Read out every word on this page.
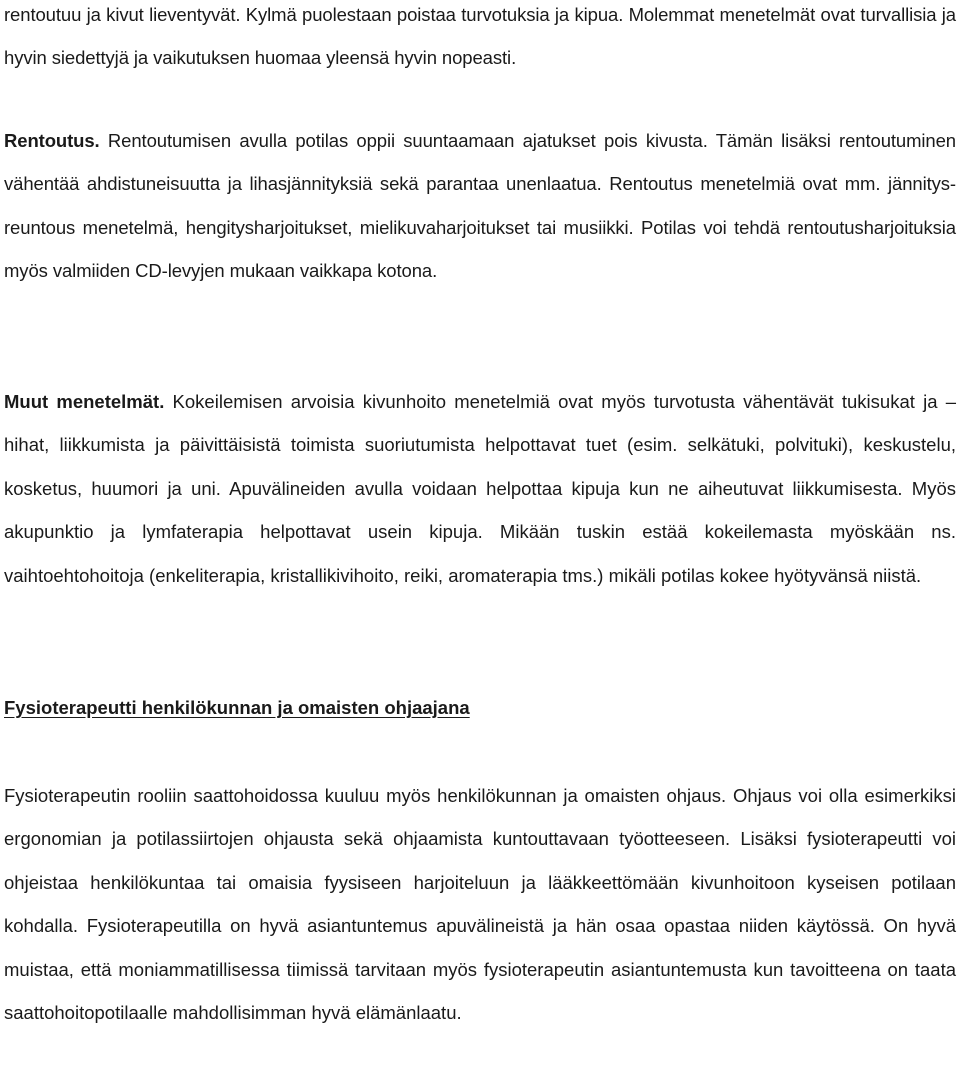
rentoutuu ja kivut lieventyvät. Kylmä puolestaan poistaa turvotuksia ja kipua. Molemmat menetelmät ovat turvallisia ja hyvin siedettyjä ja vaikutuksen huomaa yleensä hyvin nopeasti.

Rentoutus. Rentoutumisen avulla potilas oppii suuntaamaan ajatukset pois kivusta. Tämän lisäksi rentoutuminen vähentää ahdistuneisuutta ja lihasjännityksiä sekä parantaa unenlaatua. Rentoutus menetelmiä ovat mm. jännitys-reuntous menetelmä, hengitysharjoitukset, mielikuvaharjoitukset tai musiikki. Potilas voi tehdä rentoutusharjoituksia myös valmiiden CD-levyjen mukaan vaikkapa kotona.

Muut menetelmät. Kokeilemisen arvoisia kivunhoito menetelmiä ovat myös turvotusta vähentävät tukisukat ja – hihat, liikkumista ja päivittäisistä toimista suoriutumista helpottavat tuet (esim. selkätuki, polvituki), keskustelu, kosketus, huumori ja uni. Apuvälineiden avulla voidaan helpottaa kipuja kun ne aiheutuvat liikkumisesta. Myös akupunktio ja lymfaterapia helpottavat usein kipuja. Mikään tuskin estää kokeilemasta myöskään ns. vaihtoehtohoitoja (enkeliterapia, kristallikivihoito, reiki, aromaterapia tms.) mikäli potilas kokee hyötyvänsä niistä.

Fysioterapeutti henkilökunnan ja omaisten ohjaajana

Fysioterapeutin rooliin saattohoidossa kuuluu myös henkilökunnan ja omaisten ohjaus. Ohjaus voi olla esimerkiksi ergonomian ja potilassiirtojen ohjausta sekä ohjaamista kuntouttavaan työotteeseen. Lisäksi fysioterapeutti voi ohjeistaa henkilökuntaa tai omaisia fyysiseen harjoiteluun ja lääkkeettömään kivunhoitoon kyseisen potilaan kohdalla. Fysioterapeutilla on hyvä asiantuntemus apuvälineistä ja hän osaa opastaa niiden käytössä. On hyvä muistaa, että moniammatillisessa tiimissä tarvitaan myös fysioterapeutin asiantuntemusta kun tavoitteena on taata saattohoitopotilaalle mahdollisimman hyvä elämänlaatu.
